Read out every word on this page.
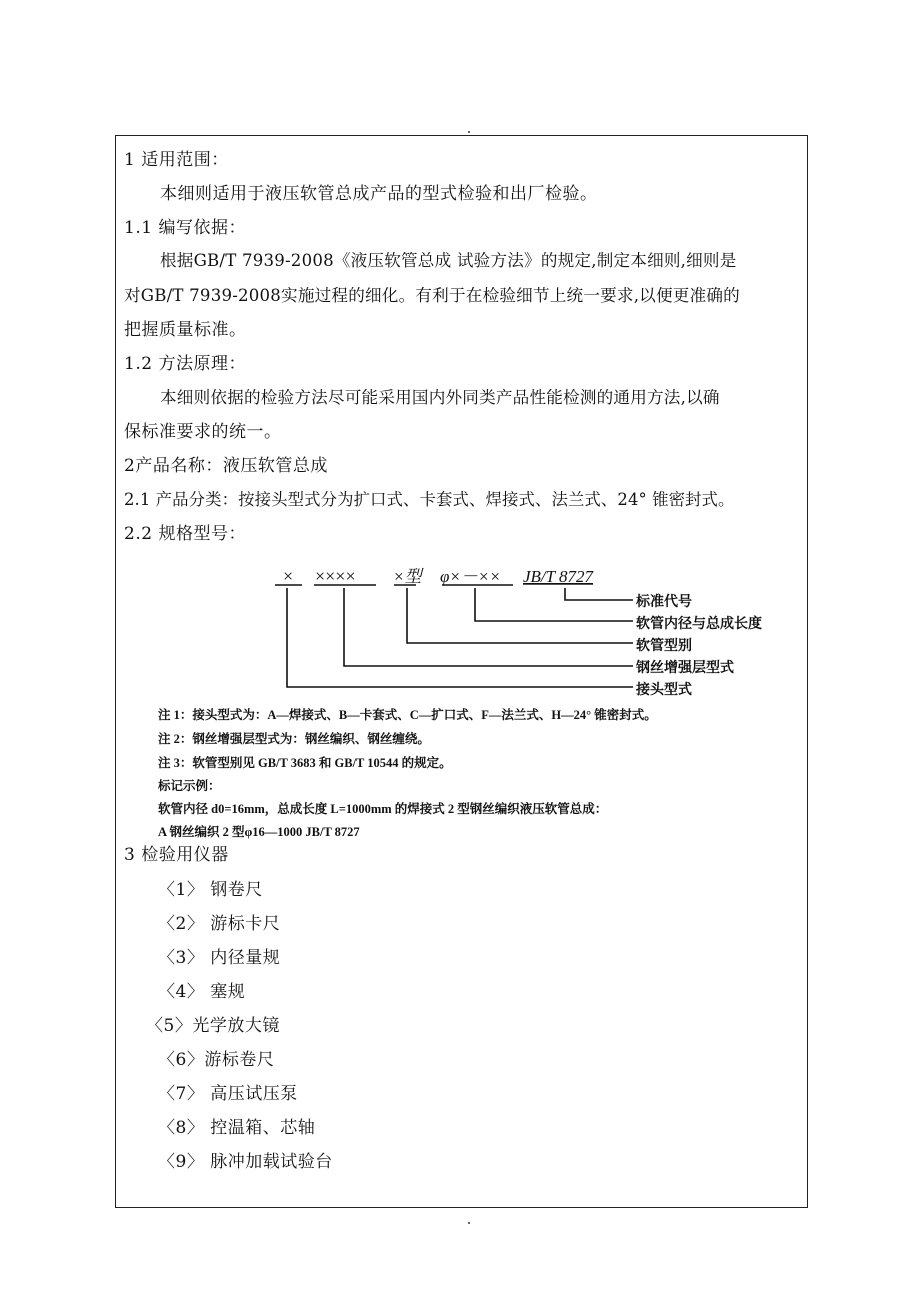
1 适用范围：
本细则适用于液压软管总成产品的型式检验和出厂检验。
1.1 编写依据：
根据GB/T 7939-2008《液压软管总成 试验方法》的规定,制定本细则,细则是
对GB/T 7939-2008实施过程的细化。有利于在检验细节上统一要求,以便更准确的
把握质量标准。
1.2 方法原理：
本细则依据的检验方法尽可能采用国内外同类产品性能检测的通用方法,以确
保标准要求的统一。
2产品名称：液压软管总成
2.1 产品分类：按接头型式分为扩口式、卡套式、焊接式、法兰式、24° 锥密封式。
2.2 规格型号：
× ×××× ×型 φ×－×× JB/T 8727
标准代号
软管内径与总成长度
软管型别
钢丝增强层型式
接头型式
注 1：接头型式为：A—焊接式、B—卡套式、C—扩口式、F—法兰式、H—24° 锥密封式。
注 2：钢丝增强层型式为：钢丝编织、钢丝缠绕。
注 3：软管型别见 GB/T 3683 和 GB/T 10544 的规定。
标记示例：
软管内径 d0=16mm，总成长度 L=1000mm 的焊接式 2 型钢丝编织液压软管总成：
A 钢丝编织 2 型φ16—1000 JB/T 8727
3 检验用仪器
〈1〉 钢卷尺
〈2〉 游标卡尺
〈3〉 内径量规
〈4〉 塞规
〈5〉光学放大镜
〈6〉游标卷尺
〈7〉 高压试压泵
〈8〉 控温箱、芯轴
〈9〉 脉冲加载试验台
